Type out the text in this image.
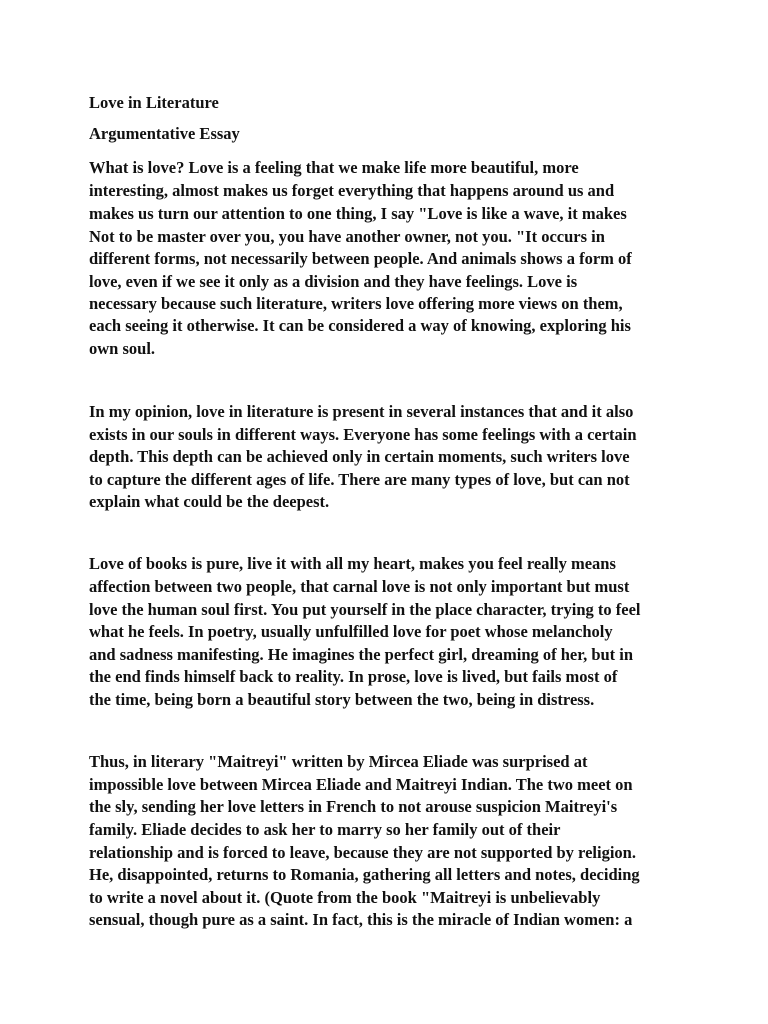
Love in Literature

Argumentative Essay

What is love? Love is a feeling that we make life more beautiful, more

interesting, almost makes us forget everything that happens around us and

makes us turn our attention to one thing, I say "Love is like a wave, it makes

Not to be master over you, you have another owner, not you. "It occurs in

different forms, not necessarily between people. And animals shows a form of

love, even if we see it only as a division and they have feelings. Love is

necessary because such literature, writers love offering more views on them,

each seeing it otherwise. It can be considered a way of knowing, exploring his

own soul.

In my opinion, love in literature is present in several instances that and it also

exists in our souls in different ways. Everyone has some feelings with a certain

depth. This depth can be achieved only in certain moments, such writers love

to capture the different ages of life. There are many types of love, but can not

explain what could be the deepest.

Love of books is pure, live it with all my heart, makes you feel really means

affection between two people, that carnal love is not only important but must

love the human soul first. You put yourself in the place character, trying to feel

what he feels. In poetry, usually unfulfilled love for poet whose melancholy

and sadness manifesting. He imagines the perfect girl, dreaming of her, but in

the end finds himself back to reality. In prose, love is lived, but fails most of

the time, being born a beautiful story between the two, being in distress.

Thus, in literary "Maitreyi" written by Mircea Eliade was surprised at

impossible love between Mircea Eliade and Maitreyi Indian. The two meet on

the sly, sending her love letters in French to not arouse suspicion Maitreyi's

family. Eliade decides to ask her to marry so her family out of their

relationship and is forced to leave, because they are not supported by religion.

He, disappointed, returns to Romania, gathering all letters and notes, deciding

to write a novel about it. (Quote from the book "Maitreyi is unbelievably

sensual, though pure as a saint. In fact, this is the miracle of Indian women: a
